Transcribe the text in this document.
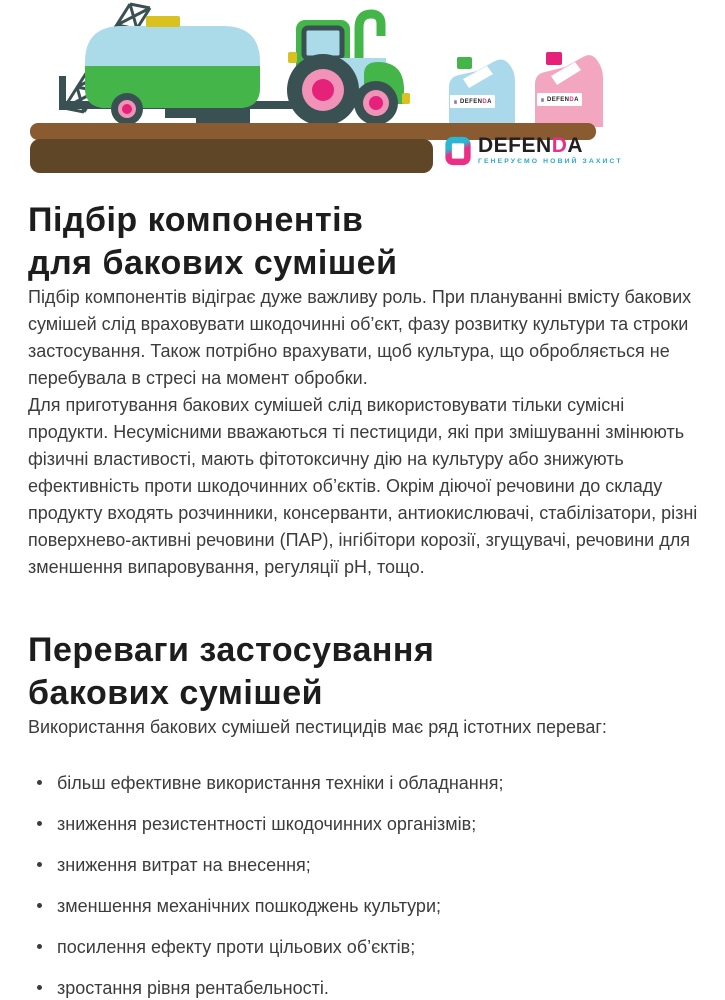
DEFENDA	DEFENDA
DEFENDA
ГЕНЕРУЄМО НОВИЙ ЗАХИСТ
Підбір компонентів
для бакових сумішей

Підбір компонентів відіграє дуже важливу роль. При плануванні вмісту бакових сумішей слід враховувати шкодочинні об’єкт, фазу розвитку культури та строки застосування. Також потрібно врахувати, щоб культура, що обробляється не перебувала в стресі на момент обробки.

Для приготування бакових сумішей слід використовувати тільки сумісні продукти. Несумісними вважаються ті пестициди, які при змішуванні змінюють фізичні властивості, мають фітотоксичну дію на культуру або знижують ефективність проти шкодочинних об’єктів. Окрім діючої речовини до складу продукту входять розчинники, консерванти, антиокислювачі, стабілізатори, різні поверхнево-активні речовини (ПАР), інгібітори корозії, згущувачі, речовини для зменшення випаровування, регуляції pH, тощо.

Переваги застосування
бакових сумішей

Використання бакових сумішей пестицидів має ряд істотних переваг:

більш ефективне використання техніки і обладнання;
зниження резистентності шкодочинних організмів;
зниження витрат на внесення;
зменшення механічних пошкоджень культури;
посилення ефекту проти цільових об’єктів;
зростання рівня рентабельності.
